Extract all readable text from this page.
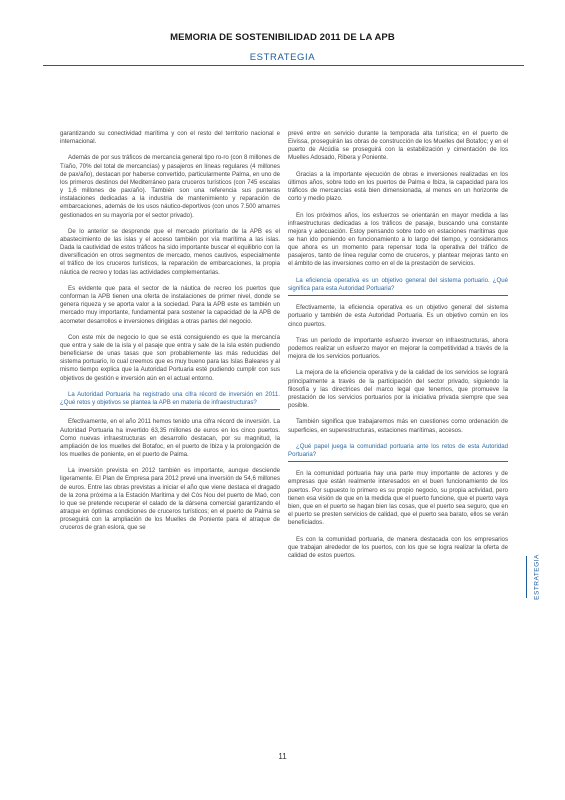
MEMORIA DE SOSTENIBILIDAD 2011 DE LA APB
ESTRATEGIA

garantizando su conectividad marítima y con el resto del territorio nacional e internacional.

Además de por sus tráficos de mercancía general tipo ro-ro (con 8 millones de T/año, 70% del total de mercancías) y pasajeros en líneas regulares (4 millones de pax/año), destacan por haberse convertido, particularmente Palma, en uno de los primeros destinos del Mediterráneo para cruceros turísticos (con 745 escalas y 1,6 millones de pax/año). También son una referencia sus punteras instalaciones dedicadas a la industria de mantenimiento y reparación de embarcaciones, además de los usos náutico-deportivos (con unos 7.500 amarres gestionados en su mayoría por el sector privado).

De lo anterior se desprende que el mercado prioritario de la APB es el abastecimiento de las islas y el acceso también por vía marítima a las islas. Dada la cautividad de estos tráficos ha sido importante buscar el equilibrio con la diversificación en otros segmentos de mercado, menos cautivos, especialmente el tráfico de los cruceros turísticos, la reparación de embarcaciones, la propia náutica de recreo y todas las actividades complementarias.

Es evidente que para el sector de la náutica de recreo los puertos que conforman la APB tienen una oferta de instalaciones de primer nivel, donde se genera riqueza y se aporta valor a la sociedad. Para la APB este es también un mercado muy importante, fundamental para sostener la capacidad de la APB de acometer desarrollos e inversiones dirigidas a otras partes del negocio.

Con este mix de negocio lo que se está consiguiendo es que la mercancía que entra y sale de la isla y el pasaje que entra y sale de la isla estén pudiendo beneficiarse de unas tasas que son probablemente las más reducidas del sistema portuario, lo cual creemos que es muy bueno para las Islas Baleares y al mismo tiempo explica que la Autoridad Portuaria esté pudiendo cumplir con sus objetivos de gestión e inversión aún en el actual entorno.

La Autoridad Portuaria ha registrado una cifra récord de inversión en 2011. ¿Qué retos y objetivos se plantea la APB en materia de infraestructuras?

Efectivamente, en el año 2011 hemos tenido una cifra récord de inversión. La Autoridad Portuaria ha invertido 63,35 millones de euros en los cinco puertos. Como nuevas infraestructuras en desarrollo destacan, por su magnitud, la ampliación de los muelles del Botafoc, en el puerto de Ibiza y la prolongación de los muelles de poniente, en el puerto de Palma.

La inversión prevista en 2012 también es importante, aunque desciende ligeramente. El Plan de Empresa para 2012 prevé una inversión de 54,6 millones de euros. Entre las obras previstas a iniciar el año que viene destaca el dragado de la zona próxima a la Estación Marítima y del Cós Nou del puerto de Maó, con lo que se pretende recuperar el calado de la dársena comercial garantizando el atraque en óptimas condiciones de cruceros turísticos; en el puerto de Palma se proseguirá con la ampliación de los Muelles de Poniente para el atraque de cruceros de gran eslora, que se

prevé entre en servicio durante la temporada alta turística; en el puerto de Eivissa, proseguirán las obras de construcción de los Muelles del Botafoc; y en el puerto de Alcúdia se proseguirá con la estabilización y cimentación de los Muelles Adosado, Ribera y Poniente.

Gracias a la importante ejecución de obras e inversiones realizadas en los últimos años, sobre todo en los puertos de Palma e Ibiza, la capacidad para los tráficos de mercancías está bien dimensionada, al menos en un horizonte de corto y medio plazo.

En los próximos años, los esfuerzos se orientarán en mayor medida a las infraestructuras dedicadas a los tráficos de pasaje, buscando una constante mejora y adecuación. Estoy pensando sobre todo en estaciones marítimas que se han ido poniendo en funcionamiento a lo largo del tiempo, y consideramos que ahora es un momento para repensar toda la operativa del tráfico de pasajeros, tanto de línea regular como de cruceros, y plantear mejoras tanto en el ámbito de las inversiones como en el de la prestación de servicios.

La eficiencia operativa es un objetivo general del sistema portuario. ¿Qué significa para esta Autoridad Portuaria?

Efectivamente, la eficiencia operativa es un objetivo general del sistema portuario y también de esta Autoridad Portuaria. Es un objetivo común en los cinco puertos.

Tras un período de importante esfuerzo inversor en infraestructuras, ahora podemos realizar un esfuerzo mayor en mejorar la competitividad a través de la mejora de los servicios portuarios.

La mejora de la eficiencia operativa y de la calidad de los servicios se logrará principalmente a través de la participación del sector privado, siguiendo la filosofía y las directrices del marco legal que tenemos, que promueve la prestación de los servicios portuarios por la iniciativa privada siempre que sea posible.

También significa que trabajaremos más en cuestiones como ordenación de superficies, en superestructuras, estaciones marítimas, accesos.

¿Qué papel juega la comunidad portuaria ante los retos de esta Autoridad Portuaria?

En la comunidad portuaria hay una parte muy importante de actores y de empresas que están realmente interesados en el buen funcionamiento de los puertos. Por supuesto lo primero es su propio negocio, su propia actividad, pero tienen esa visión de que en la medida que el puerto funcione, que el puerto vaya bien, que en el puerto se hagan bien las cosas, que el puerto sea seguro, que en el puerto se presten servicios de calidad, que el puerto sea barato, ellos se verán beneficiados.

Es con la comunidad portuaria, de manera destacada con los empresarios que trabajan alrededor de los puertos, con los que se logra realizar la oferta de calidad de estos puertos.	ESTRATEGIA
11
